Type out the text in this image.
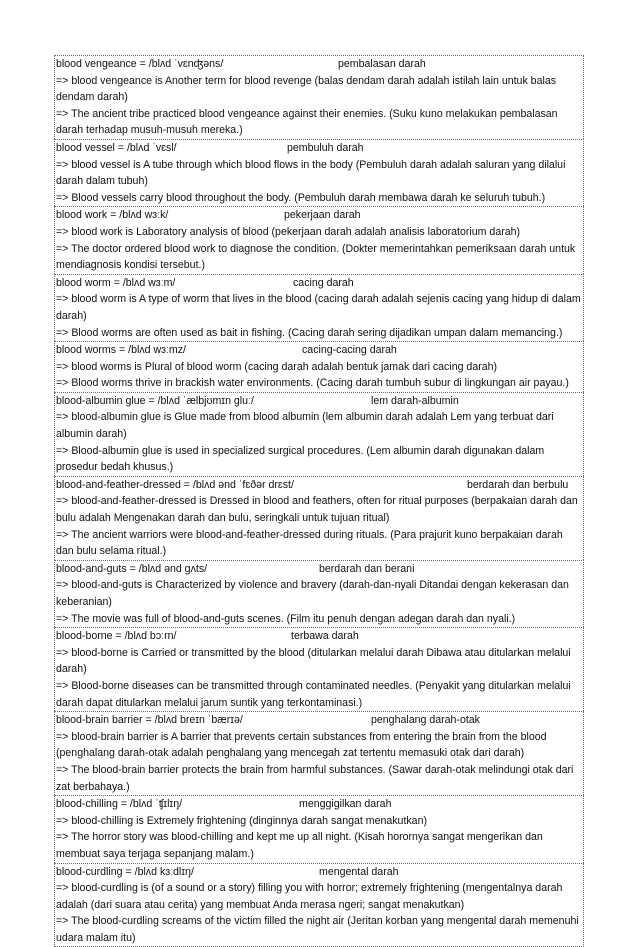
blood vengeance = /blʌd ˈvɛnʤəns/	pembalasan darah
=> blood vengeance is Another term for blood revenge (balas dendam darah adalah istilah lain untuk balas dendam darah)
=> The ancient tribe practiced blood vengeance against their enemies. (Suku kuno melakukan pembalasan darah terhadap musuh-musuh mereka.)
blood vessel = /blʌd ˈvɛsl/	pembuluh darah
=> blood vessel is A tube through which blood flows in the body (Pembuluh darah adalah saluran yang dilalui darah dalam tubuh)
=> Blood vessels carry blood throughout the body. (Pembuluh darah membawa darah ke seluruh tubuh.)
blood work = /blʌd wɜːk/	pekerjaan darah
=> blood work is Laboratory analysis of blood (pekerjaan darah adalah analisis laboratorium darah)
=> The doctor ordered blood work to diagnose the condition. (Dokter memerintahkan pemeriksaan darah untuk mendiagnosis kondisi tersebut.)
blood worm = /blʌd wɜːm/	cacing darah
=> blood worm is A type of worm that lives in the blood (cacing darah adalah sejenis cacing yang hidup di dalam darah)
=> Blood worms are often used as bait in fishing. (Cacing darah sering dijadikan umpan dalam memancing.)
blood worms = /blʌd wɜːmz/	cacing-cacing darah
=> blood worms is Plural of blood worm (cacing darah adalah bentuk jamak dari cacing darah)
=> Blood worms thrive in brackish water environments. (Cacing darah tumbuh subur di lingkungan air payau.)
blood-albumin glue = /blʌd ˈælbjʊmɪn ɡluː/	lem darah-albumin
=> blood-albumin glue is Glue made from blood albumin (lem albumin darah adalah Lem yang terbuat dari albumin darah)
=> Blood-albumin glue is used in specialized surgical procedures. (Lem albumin darah digunakan dalam prosedur bedah khusus.)
blood-and-feather-dressed = /blʌd ənd ˈfɛðər drɛst/	berdarah dan berbulu
=> blood-and-feather-dressed is Dressed in blood and feathers, often for ritual purposes (berpakaian darah dan bulu adalah Mengenakan darah dan bulu, seringkali untuk tujuan ritual)
=> The ancient warriors were blood-and-feather-dressed during rituals. (Para prajurit kuno berpakaian darah dan bulu selama ritual.)
blood-and-guts = /blʌd ənd ɡʌts/	berdarah dan berani
=> blood-and-guts is Characterized by violence and bravery (darah-dan-nyali Ditandai dengan kekerasan dan keberanian)
=> The movie was full of blood-and-guts scenes. (Film itu penuh dengan adegan darah dan nyali.)
blood-borne = /blʌd bɔːrn/	terbawa darah
=> blood-borne is Carried or transmitted by the blood (ditularkan melalui darah Dibawa atau ditularkan melalui darah)
=> Blood-borne diseases can be transmitted through contaminated needles. (Penyakit yang ditularkan melalui darah dapat ditularkan melalui jarum suntik yang terkontaminasi.)
blood-brain barrier = /blʌd breɪn ˈbærɪə/	penghalang darah-otak
=> blood-brain barrier is A barrier that prevents certain substances from entering the brain from the blood (penghalang darah-otak adalah penghalang yang mencegah zat tertentu memasuki otak dari darah)
=> The blood-brain barrier protects the brain from harmful substances. (Sawar darah-otak melindungi otak dari zat berbahaya.)
blood-chilling = /blʌd ˈʧɪlɪŋ/	menggigilkan darah
=> blood-chilling is Extremely frightening (dinginnya darah sangat menakutkan)
=> The horror story was blood-chilling and kept me up all night. (Kisah horornya sangat mengerikan dan membuat saya terjaga sepanjang malam.)
blood-curdling = /blʌd kɜːdlɪŋ/	mengental darah
=> blood-curdling is (of a sound or a story) filling you with horror; extremely frightening (mengentalnya darah adalah (dari suara atau cerita) yang membuat Anda merasa ngeri; sangat menakutkan)
=> The blood-curdling screams of the victim filled the night air (Jeritan korban yang mengental darah memenuhi udara malam itu)
